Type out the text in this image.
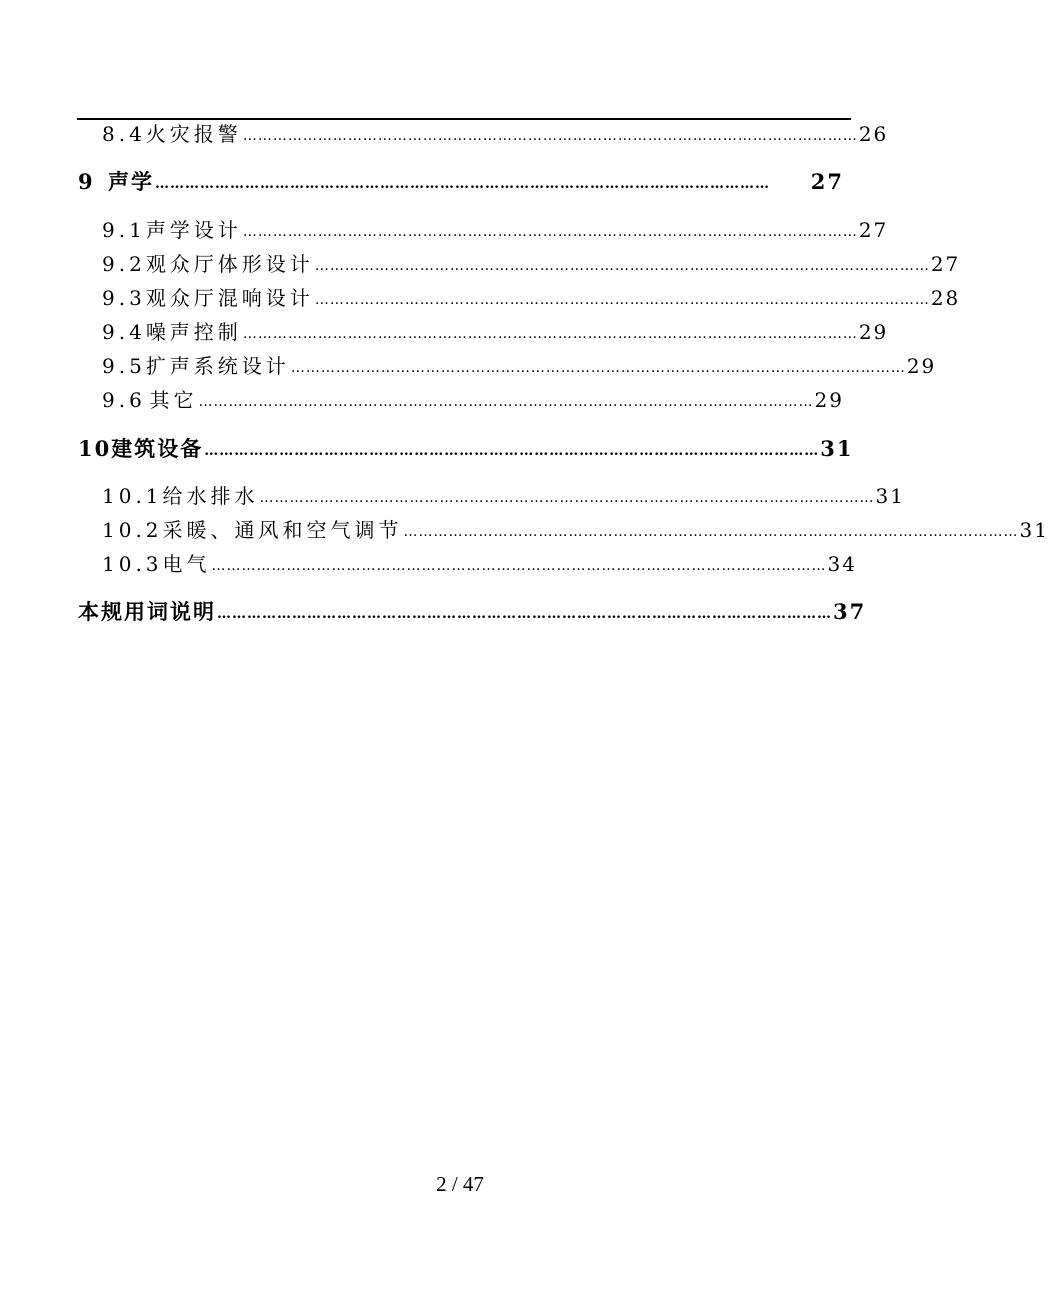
8.4 火灾报警 …………………………………………………………………………………………………………… 26
9 声学 ……………………………………………………………………………………………………………	27
9.1 声学设计 …………………………………………………………………………………………………………… 27
9.2 观众厅体形设计 …………………………………………………………………………………………………………… 27
9.3 观众厅混响设计 …………………………………………………………………………………………………………… 28
9.4 噪声控制 …………………………………………………………………………………………………………… 29
9.5 扩声系统设计 …………………………………………………………………………………………………………… 29
9.6 其它 …………………………………………………………………………………………………………… 29
10 建筑设备 …………………………………………………………………………………………………………… 31
10.1 给水排水 …………………………………………………………………………………………………………… 31
10.2 采暖、通风和空气调节 …………………………………………………………………………………………………………… 31
10.3 电气 …………………………………………………………………………………………………………… 34
本规用词说明 …………………………………………………………………………………………………………… 37
2 / 47
